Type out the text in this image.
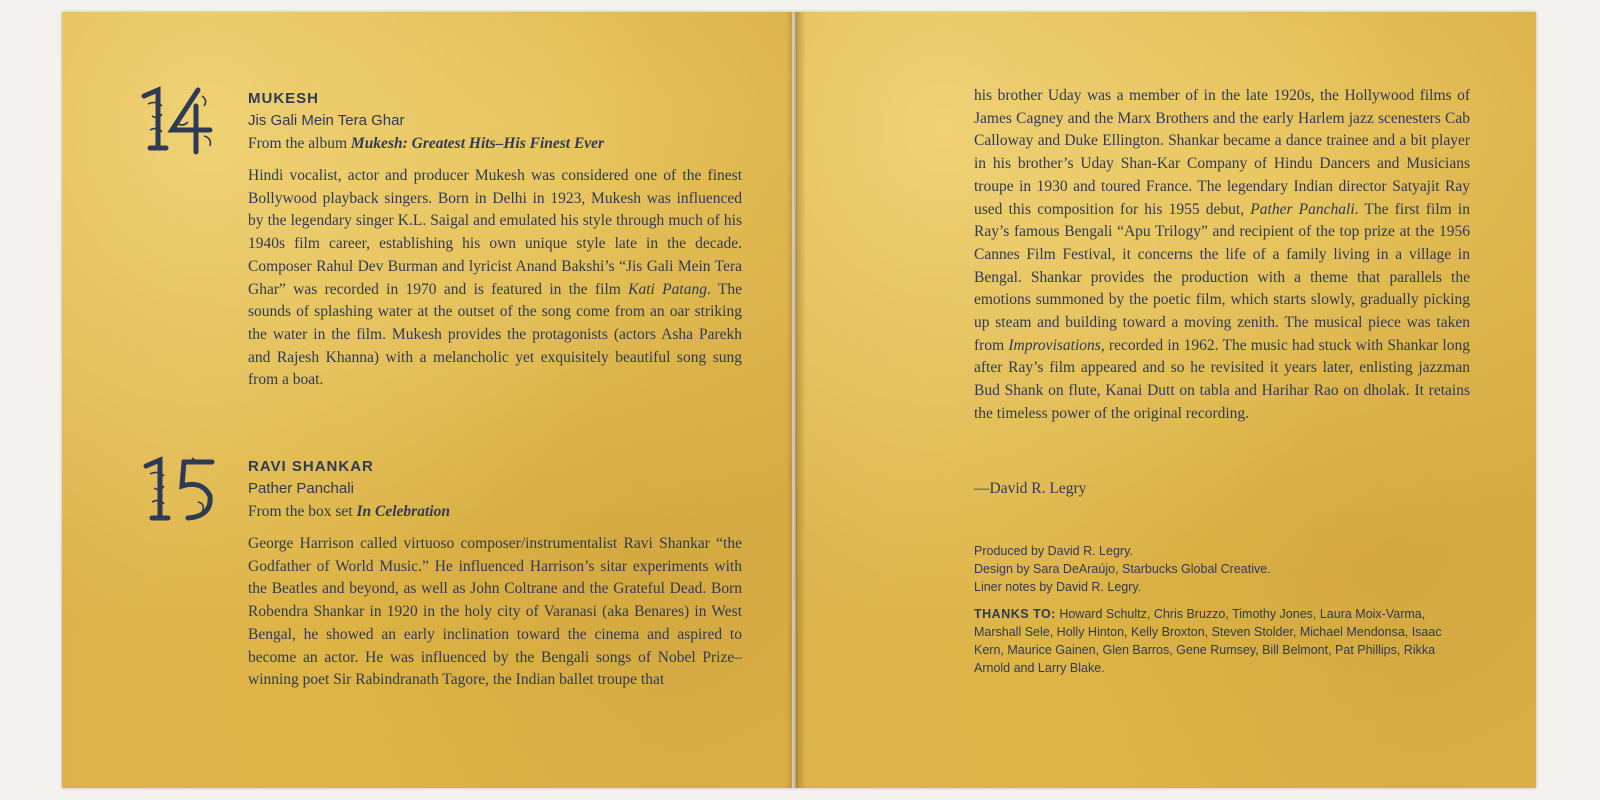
MUKESH
Jis Gali Mein Tera Ghar
From the album Mukesh: Greatest Hits–His Finest Ever
Hindi vocalist, actor and producer Mukesh was considered one of the finest Bollywood playback singers. Born in Delhi in 1923, Mukesh was influenced by the legendary singer K.L. Saigal and emulated his style through much of his 1940s film career, establishing his own unique style late in the decade. Composer Rahul Dev Burman and lyricist Anand Bakshi’s “Jis Gali Mein Tera Ghar” was recorded in 1970 and is featured in the film Kati Patang. The sounds of splashing water at the outset of the song come from an oar striking the water in the film. Mukesh provides the protagonists (actors Asha Parekh and Rajesh Khanna) with a melancholic yet exquisitely beautiful song sung from a boat.
RAVI SHANKAR
Pather Panchali
From the box set In Celebration
George Harrison called virtuoso composer/instrumentalist Ravi Shankar “the Godfather of World Music.” He influenced Harrison’s sitar experiments with the Beatles and beyond, as well as John Coltrane and the Grateful Dead. Born Robendra Shankar in 1920 in the holy city of Varanasi (aka Benares) in West Bengal, he showed an early inclination toward the cinema and aspired to become an actor. He was influenced by the Bengali songs of Nobel Prize–winning poet Sir Rabindranath Tagore, the Indian ballet troupe that
his brother Uday was a member of in the late 1920s, the Hollywood films of James Cagney and the Marx Brothers and the early Harlem jazz scenesters Cab Calloway and Duke Ellington. Shankar became a dance trainee and a bit player in his brother’s Uday Shan-Kar Company of Hindu Dancers and Musicians troupe in 1930 and toured France. The legendary Indian director Satyajit Ray used this composition for his 1955 debut, Pather Panchali. The first film in Ray’s famous Bengali “Apu Trilogy” and recipient of the top prize at the 1956 Cannes Film Festival, it concerns the life of a family living in a village in Bengal. Shankar provides the production with a theme that parallels the emotions summoned by the poetic film, which starts slowly, gradually picking up steam and building toward a moving zenith. The musical piece was taken from Improvisations, recorded in 1962. The music had stuck with Shankar long after Ray’s film appeared and so he revisited it years later, enlisting jazzman Bud Shank on flute, Kanai Dutt on tabla and Harihar Rao on dholak. It retains the timeless power of the original recording.
—David R. Legry
Produced by David R. Legry.
Design by Sara DeAraújo, Starbucks Global Creative.
Liner notes by David R. Legry.
THANKS TO: Howard Schultz, Chris Bruzzo, Timothy Jones, Laura Moix-Varma, Marshall Sele, Holly Hinton, Kelly Broxton, Steven Stolder, Michael Mendonsa, Isaac Kern, Maurice Gainen, Glen Barros, Gene Rumsey, Bill Belmont, Pat Phillips, Rikka Arnold and Larry Blake.
